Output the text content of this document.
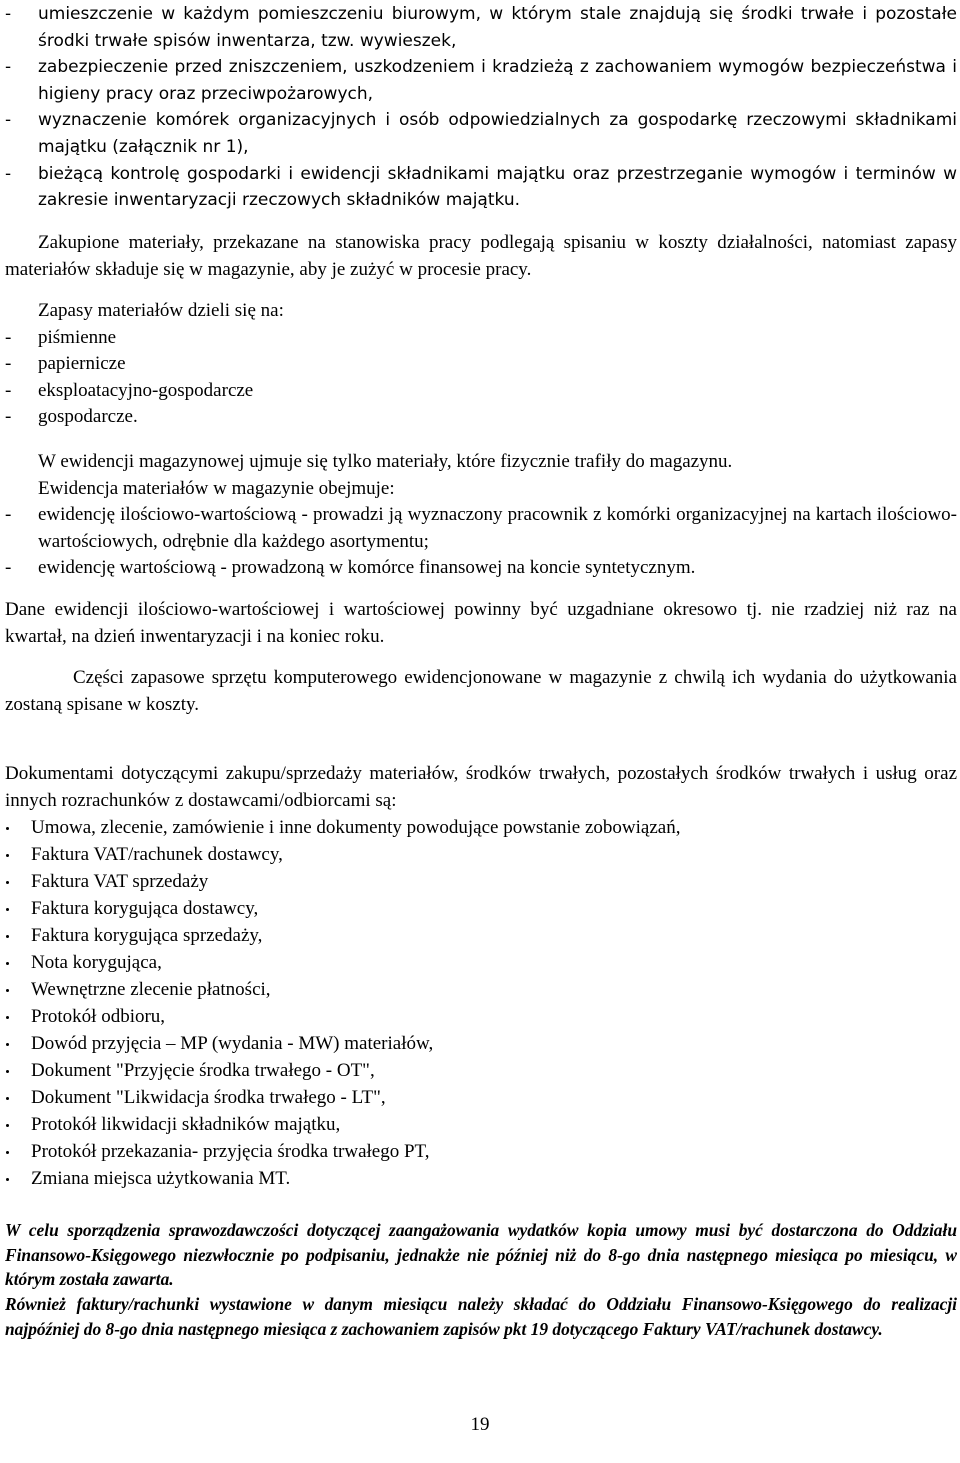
- umieszczenie w każdym pomieszczeniu biurowym, w którym stale znajdują się środki trwałe i pozostałe środki trwałe spisów inwentarza, tzw. wywieszek,
- zabezpieczenie przed zniszczeniem, uszkodzeniem i kradzieżą z zachowaniem wymogów bezpieczeństwa i higieny pracy oraz przeciwpożarowych,
- wyznaczenie komórek organizacyjnych i osób odpowiedzialnych za gospodarkę rzeczowymi składnikami majątku (załącznik nr 1),
- bieżącą kontrolę gospodarki i ewidencji składnikami majątku oraz przestrzeganie wymogów i terminów w zakresie inwentaryzacji rzeczowych składników majątku.

Zakupione materiały, przekazane na stanowiska pracy podlegają spisaniu w koszty działalności, natomiast zapasy materiałów składuje się w magazynie, aby je zużyć w procesie pracy.

Zapasy materiałów dzieli się na:

- piśmienne
- papiernicze
- eksploatacyjno-gospodarcze
- gospodarcze.

W ewidencji magazynowej ujmuje się tylko materiały, które fizycznie trafiły do magazynu.

Ewidencja materiałów w magazynie obejmuje:

- ewidencję ilościowo-wartościową - prowadzi ją wyznaczony pracownik z komórki organizacyjnej na kartach ilościowo-wartościowych, odrębnie dla każdego asortymentu;
- ewidencję wartościową - prowadzoną w komórce finansowej na koncie syntetycznym.

Dane ewidencji ilościowo-wartościowej i wartościowej powinny być uzgadniane okresowo tj. nie rzadziej niż raz na kwartał, na dzień inwentaryzacji i na koniec roku.

Części zapasowe sprzętu komputerowego ewidencjonowane w magazynie z chwilą ich wydania do użytkowania zostaną spisane w koszty.

Dokumentami dotyczącymi zakupu/sprzedaży materiałów, środków trwałych, pozostałych środków trwałych i usług oraz innych rozrachunków z dostawcami/odbiorcami są:

Umowa, zlecenie, zamówienie i inne dokumenty powodujące powstanie zobowiązań,
Faktura VAT/rachunek dostawcy,
Faktura VAT sprzedaży
Faktura korygująca dostawcy,
Faktura korygująca sprzedaży,
Nota korygująca,
Wewnętrzne zlecenie płatności,
Protokół odbioru,
Dowód przyjęcia – MP (wydania - MW) materiałów,
Dokument "Przyjęcie środka trwałego - OT",
Dokument "Likwidacja środka trwałego - LT",
Protokół likwidacji składników majątku,
Protokół przekazania- przyjęcia środka trwałego PT,
Zmiana miejsca użytkowania MT.

W celu sporządzenia sprawozdawczości dotyczącej zaangażowania wydatków kopia umowy musi być dostarczona do Oddziału Finansowo-Księgowego niezwłocznie po podpisaniu, jednakże nie później niż do 8-go dnia następnego miesiąca po miesiącu, w którym została zawarta.

Również faktury/rachunki wystawione w danym miesiącu należy składać do Oddziału Finansowo-Księgowego do realizacji najpóźniej do 8-go dnia następnego miesiąca z zachowaniem zapisów pkt 19 dotyczącego Faktury VAT/rachunek dostawcy.

19
